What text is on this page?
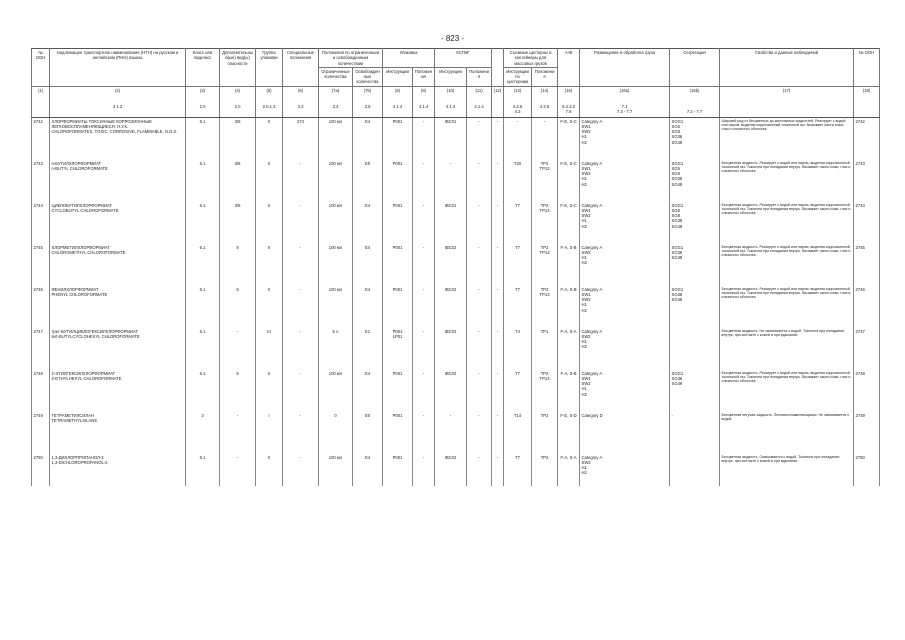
- 823 -
№ ООН	Надлежащее транспортное наименование (НТН) на русском и английском (ПНН) языках	Класс или подкласс	Дополнительный(ые) вид(ы) опасности	Группа упаковки	Специальные положения	Положения по ограниченным и освобожденным количествам		Упаковка		КСГМГ			Съемные цистерны и контейнеры для массовых грузов		АчК	Размещение и обработка груза	Сегрегация	Свойства и данные наблюдений	№ ООН
						Ограниченные количества	Освобожденные количества												
								Инструкции	Положения	Инструкции	Положения		Инструкции по цистернам	Положения					
(1)	(2)	(3)	(4)	(5)	(6)	(7a)	(7b)	(8)	(9)	(10)	(11)	(12)	(13)	(14)	(15)	(16a)	(16b)	(17)	(18)

	3.1.2	2.0	2.0	2.0.1.3	3.3	3.4	3.5	4.1.4	4.1.4	4.1.4	4.1.4		4.2.5
4.3	4.2.5	5.4.3.2
7.8	7.1
7.3 - 7.7	7.2 - 7.7		

2742	ХЛОРФОРМИАТЫ ТОКСИЧНЫЕ КОРРОЗИОННЫЕ ЛЕГКОВОСПЛАМЕНЯЮЩИЕСЯ, Н.У.К.
CHLOROFORMATES, TOXIC, CORROSIVE, FLAMMABLE, N.O.S.	6.1	3/8	II	274	100 мл	E4	P001	-	IBC01	-	-	-	-	F-E, S-C	Category A
SW1
SW2
H1
H2	SGG1
SG5
SG8
SG36
SG49	Широкий ряд от бесцветных до желтоватых жидкостей. Реагирует с водой или паром, выделяя коррозионный токсичный газ. Вызывает ожоги кожи, глаз и слизистых оболочек.	2742

2743	н-БУТИЛХЛОРФОРМИАТ
n-BUTYL CHLOROFORMATE	6.1	3/8	II	-	100 мл	E0	P001	-	-	-	-	T20	TP2
TP13	F-E, S-C	Category A
SW1
SW2
H1
H2	SGG1
SG5
SG8
SG36
SG49	Бесцветная жидкость. Реагирует с водой или паром, выделяя коррозионный токсичный газ. Токсична при попадании внутрь. Вызывает ожоги кожи, глаз и слизистых оболочек.	2743

2744	ЦИКЛОБУТИЛХЛОРФОРМИАТ
CYCLOBUTYL CHLOROFORMATE	6.1	3/8	II	-	100 мл	E4	P001	-	IBC01	-	-	T7	TP2
TP13	F-E, S-C	Category A
SW1
SW2
H1
H2	SGG1
SG5
SG8
SG36
SG49	Бесцветная жидкость. Реагирует с водой или паром, выделяя коррозионный токсичный газ. Токсична при попадании внутрь. Вызывает ожоги кожи, глаз и слизистых оболочек.	2744

2745	ХЛОРМЕТИЛХЛОРФОРМИАТ
CHLOROMETHYL CHLOROFORMATE	6.1	8	II	-	100 мл	E4	P001	-	IBC02	-	-	T7	TP2
TP13	F-A, S-B	Category A
SW2
H1
H2	SGG1
SG36
SG49	Бесцветная жидкость. Реагирует с водой или паром, выделяя коррозионный токсичный газ. Токсична при попадании внутрь. Вызывает ожоги кожи, глаз и слизистых оболочек.	2745

2746	ФЕНИЛХЛОРФОРМИАТ
PHENYL CHLOROFORMATE	6.1	8	II	-	100 мл	E4	P001	-	IBC02	-	-	T7	TP2
TP13	F-A, S-B	Category A
SW1
SW2
H1
H2	SGG1
SG36
SG49	Бесцветная жидкость. Реагирует с водой или паром, выделяя коррозионный токсичный газ. Токсична при попадании внутрь. Вызывает ожоги кожи, глаз и слизистых оболочек.	2746

2747	трет-БУТИЛЦИКЛОГЕКСИЛХЛОРФОРМИАТ
tert-BUTYLCYCLOHEXYL CHLOROFORMATE	6.1	-	III	-	5 л	E1	P001
LP01	-	IBC03	-	-	T4	TP1	F-A, S-A	Category A
SW2
H1
H2		Бесцветная жидкость. Не смешивается с водой. Токсична при попадании внутрь, при контакте с кожей и при вдыхании.	2747

2748	2-ЭТИЛГЕКСИЛХЛОРФОРМИАТ
2-ETHYLHEXYL CHLOROFORMATE	6.1	8	II	-	100 мл	E4	P001	-	IBC02	-	-	T7	TP2
TP13	F-A, S-B	Category A
SW1
SW2
H1
H2	SGG1
SG36
SG49	Бесцветная жидкость. Реагирует с водой или паром, выделяя коррозионный токсичный газ. Токсична при попадании внутрь. Вызывает ожоги кожи, глаз и слизистых оболочек.	2748

2749	ТЕТРАМЕТИЛСИЛАН
TETRAMETHYLSILANE	3	-	I	-	0	E0	P001	-	-	-	-	T14	TP2	F-E, S-D	Category D	-	Бесцветная летучая жидкость. Легковоспламеняющаяся. Не смешивается с водой.	2749

2750	1,3-ДИХЛОРПРОПАНОЛ-2
1,3-DICHLOROPROPANOL-2	6.1	-	II	-	100 мл	E4	P001	-	IBC02	-	-	T7	TP2	F-A, S-A	Category A
SW2
H1
H2		Бесцветная жидкость. Смешивается с водой. Токсична при попадании внутрь, при контакте с кожей и при вдыхании.	2750
